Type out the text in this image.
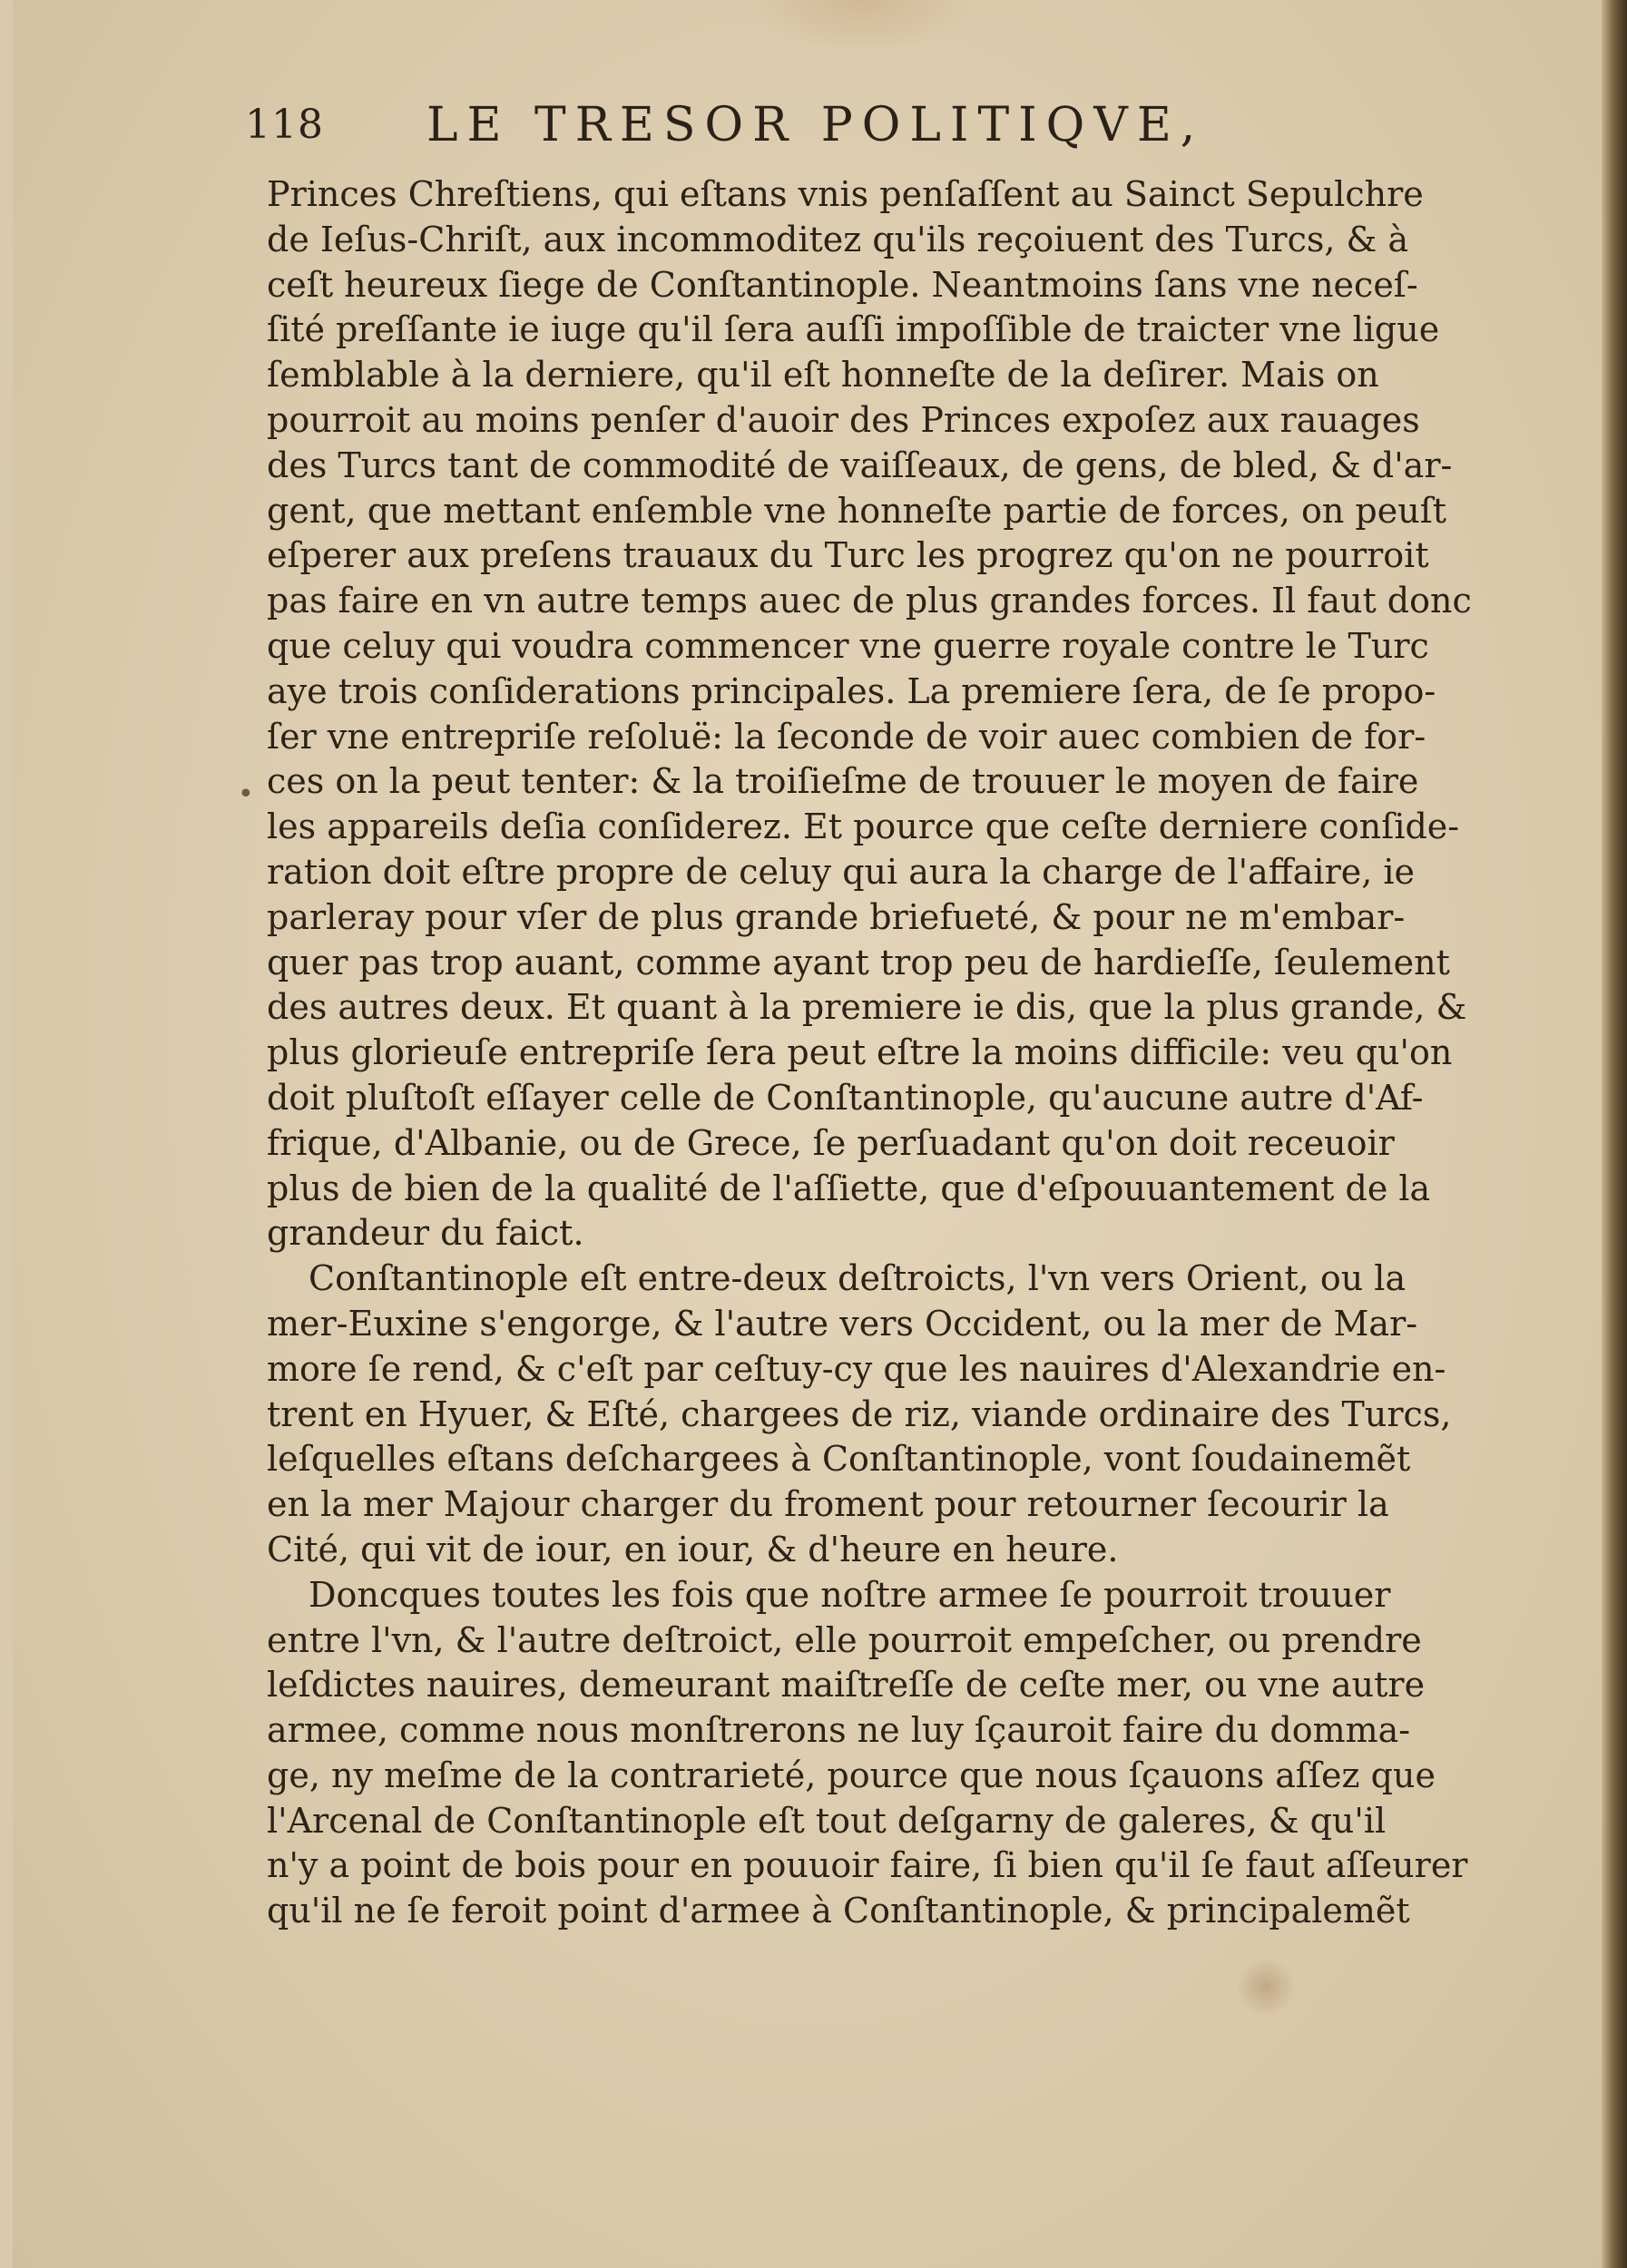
118 LE TRESOR POLITIQVE,
•
Princes Chreſtiens, qui eſtans vnis penſaſſent au Sainct Sepulchre
de Ieſus-Chriſt, aux incommoditez qu'ils reçoiuent des Turcs, & à
ceſt heureux ſiege de Conſtantinople. Neantmoins ſans vne neceſ-
ſité preſſante ie iuge qu'il ſera auſſi impoſſible de traicter vne ligue
ſemblable à la derniere, qu'il eſt honneſte de la deſirer. Mais on
pourroit au moins penſer d'auoir des Princes expoſez aux rauages
des Turcs tant de commodité de vaiſſeaux, de gens, de bled, & d'ar-
gent, que mettant enſemble vne honneſte partie de forces, on peuſt
eſperer aux preſens trauaux du Turc les progrez qu'on ne pourroit
pas faire en vn autre temps auec de plus grandes forces. Il faut donc
que celuy qui voudra commencer vne guerre royale contre le Turc
aye trois conſiderations principales. La premiere ſera, de ſe propo-
ſer vne entrepriſe reſoluë: la ſeconde de voir auec combien de for-
ces on la peut tenter: & la troiſieſme de trouuer le moyen de faire
les appareils deſia conſiderez. Et pource que ceſte derniere conſide-
ration doit eſtre propre de celuy qui aura la charge de l'affaire, ie
parleray pour vſer de plus grande briefueté, & pour ne m'embar-
quer pas trop auant, comme ayant trop peu de hardieſſe, ſeulement
des autres deux. Et quant à la premiere ie dis, que la plus grande, &
plus glorieuſe entrepriſe ſera peut eſtre la moins difficile: veu qu'on
doit pluſtoſt eſſayer celle de Conſtantinople, qu'aucune autre d'Af-
frique, d'Albanie, ou de Grece, ſe perſuadant qu'on doit receuoir
plus de bien de la qualité de l'aſſiette, que d'eſpouuantement de la
grandeur du faict.
Conſtantinople eſt entre-deux deſtroicts, l'vn vers Orient, ou la
mer-Euxine s'engorge, & l'autre vers Occident, ou la mer de Mar-
more ſe rend, & c'eſt par ceſtuy-cy que les nauires d'Alexandrie en-
trent en Hyuer, & Eſté, chargees de riz, viande ordinaire des Turcs,
leſquelles eſtans deſchargees à Conſtantinople, vont ſoudainemẽt
en la mer Majour charger du froment pour retourner ſecourir la
Cité, qui vit de iour, en iour, & d'heure en heure.
Doncques toutes les fois que noſtre armee ſe pourroit trouuer
entre l'vn, & l'autre deſtroict, elle pourroit empeſcher, ou prendre
leſdictes nauires, demeurant maiſtreſſe de ceſte mer, ou vne autre
armee, comme nous monſtrerons ne luy ſçauroit faire du domma-
ge, ny meſme de la contrarieté, pource que nous ſçauons aſſez que
l'Arcenal de Conſtantinople eſt tout deſgarny de galeres, & qu'il
n'y a point de bois pour en pouuoir faire, ſi bien qu'il ſe faut aſſeurer
qu'il ne ſe feroit point d'armee à Conſtantinople, & principalemẽt
